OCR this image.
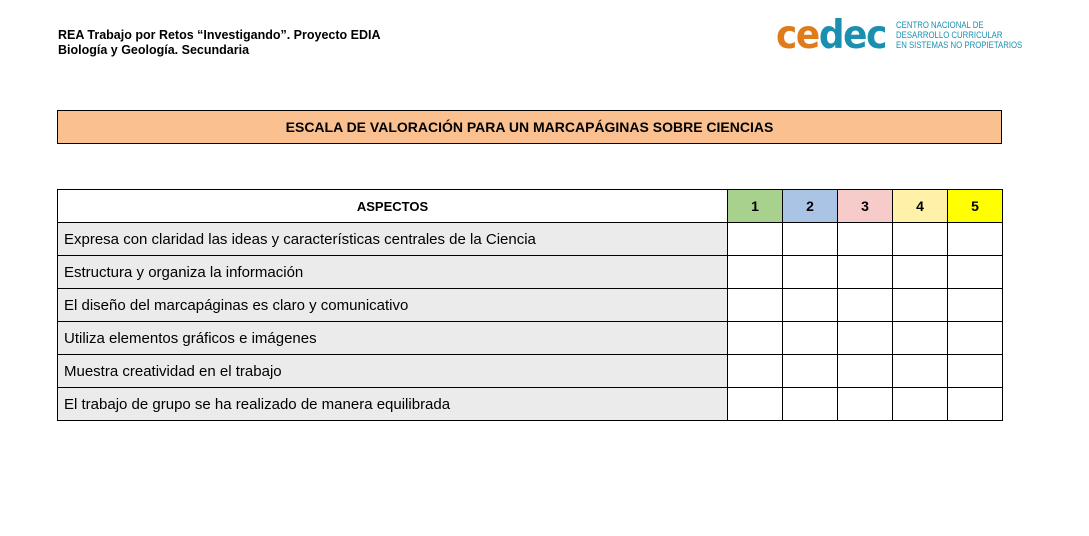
REA Trabajo por Retos “Investigando”. Proyecto EDIA
Biología y Geología. Secundaria	ce dec CENTRO NACIONAL DE
DESARROLLO CURRICULAR
EN SISTEMAS NO PROPIETARIOS
ESCALA DE VALORACIÓN PARA UN MARCAPÁGINAS SOBRE CIENCIAS
ASPECTOS	1	2	3	4	5
Expresa con claridad las ideas y características centrales de la Ciencia					
Estructura y organiza la información					
El diseño del marcapáginas es claro y comunicativo					
Utiliza elementos gráficos e imágenes					
Muestra creatividad en el trabajo					
El trabajo de grupo se ha realizado de manera equilibrada					
